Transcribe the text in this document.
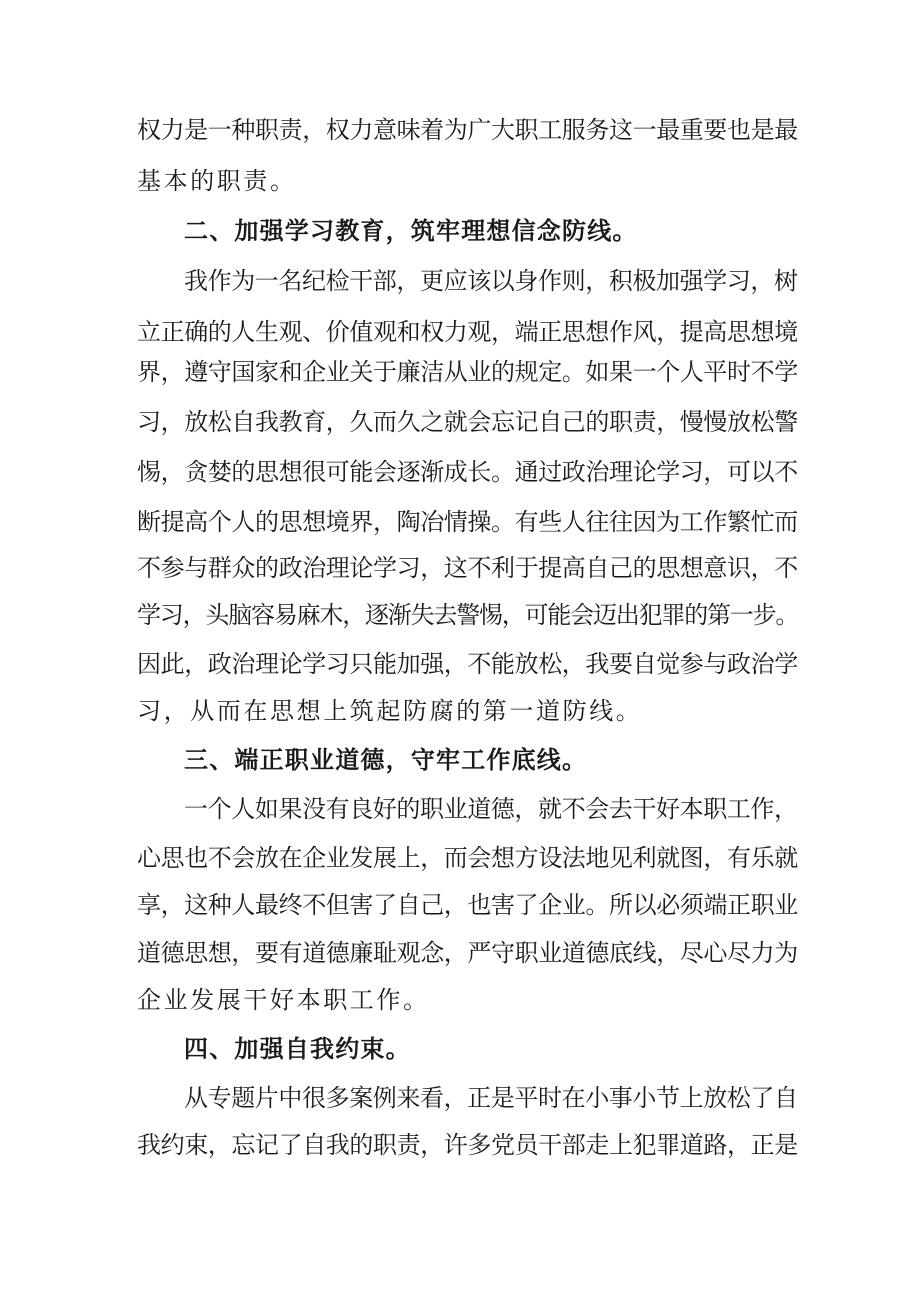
权力是一种职责，权力意味着为广大职工服务这一最重要也是最
基本的职责。
二、加强学习教育，筑牢理想信念防线。
我作为一名纪检干部，更应该以身作则，积极加强学习，树
立正确的人生观、价值观和权力观，端正思想作风，提高思想境
界，遵守国家和企业关于廉洁从业的规定。如果一个人平时不学
习，放松自我教育，久而久之就会忘记自己的职责，慢慢放松警
惕，贪婪的思想很可能会逐渐成长。通过政治理论学习，可以不
断提高个人的思想境界，陶冶情操。有些人往往因为工作繁忙而
不参与群众的政治理论学习，这不利于提高自己的思想意识，不
学习，头脑容易麻木，逐渐失去警惕，可能会迈出犯罪的第一步。
因此，政治理论学习只能加强，不能放松，我要自觉参与政治学
习，从而在思想上筑起防腐的第一道防线。
三、端正职业道德，守牢工作底线。
一个人如果没有良好的职业道德，就不会去干好本职工作，
心思也不会放在企业发展上，而会想方设法地见利就图，有乐就
享，这种人最终不但害了自己，也害了企业。所以必须端正职业
道德思想，要有道德廉耻观念，严守职业道德底线，尽心尽力为
企业发展干好本职工作。
四、加强自我约束。
从专题片中很多案例来看，正是平时在小事小节上放松了自
我约束，忘记了自我的职责，许多党员干部走上犯罪道路，正是
